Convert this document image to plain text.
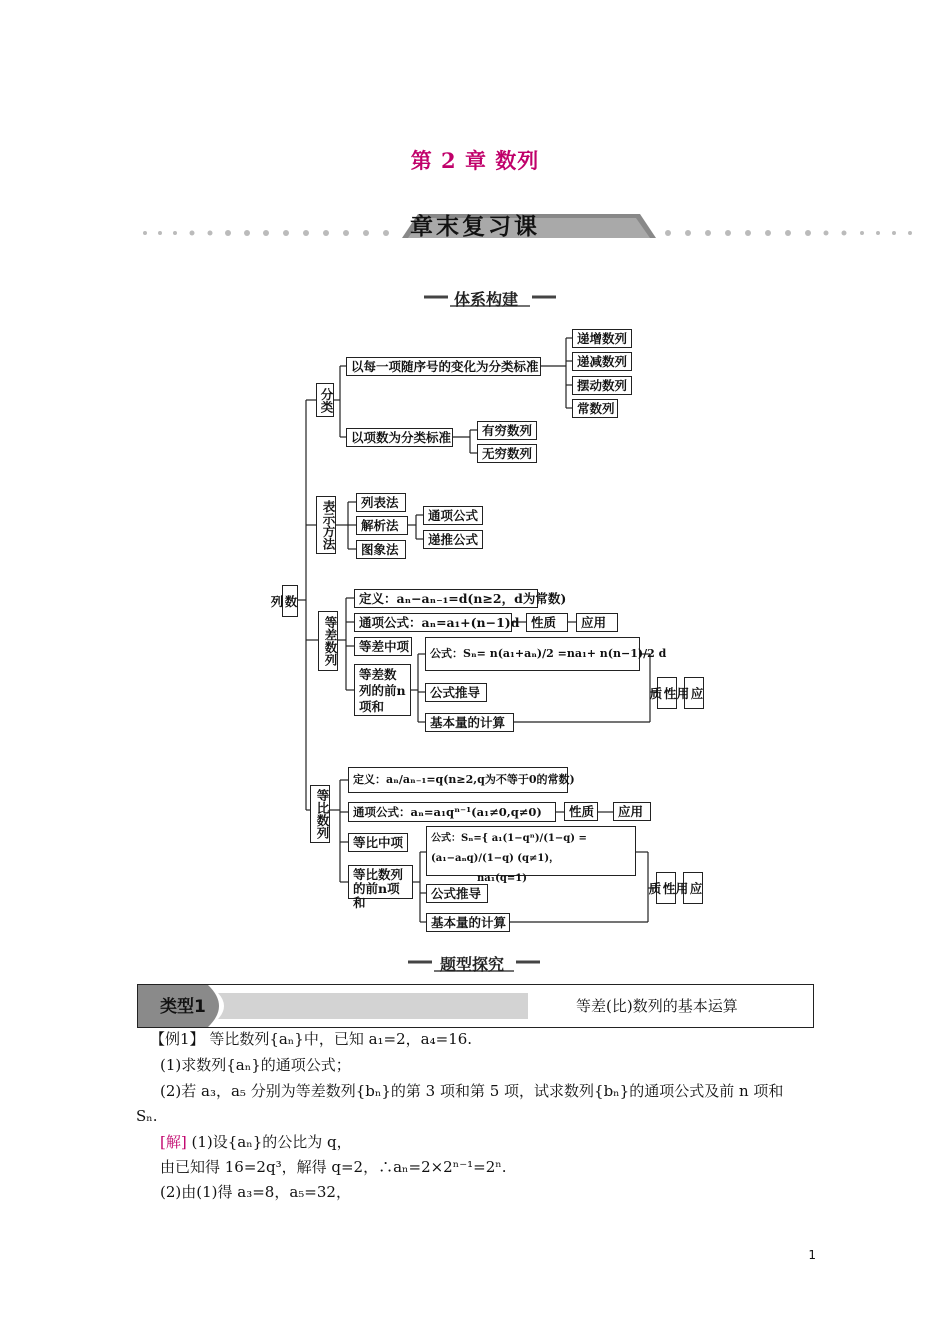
第 2 章 数列
章末复习课
体系构建
数列
分类
以每一项随序号的变化为分类标准
递增数列
递减数列
摆动数列
常数列
以项数为分类标准	有穷数列
无穷数列
表示方法	列表法
解析法
图象法
通项公式
递推公式
等差数列
定义：aₙ−aₙ₋₁=d(n≥2，d为常数)
通项公式：aₙ=a₁+(n−1)d 性质	应用
等差中项
等差数列的前n项和
公式：Sₙ= n(a₁+aₙ)/2 =na₁+ n(n−1)/2 d
公式推导
基本量的计算
性质	应用
等比数列
定义：aₙ/aₙ₋₁=q(n≥2,q为不等于0的常数)
通项公式：aₙ=a₁qⁿ⁻¹(a₁≠0,q≠0)	性质	应用
等比中项
等比数列的前n项和
公式：Sₙ={ a₁(1−qⁿ)/(1−q) = (a₁−aₙq)/(1−q) (q≠1)，
na₁(q=1)
公式推导
基本量的计算
性质	应用
题型探究
类型1	等差(比)数列的基本运算
【例1】 等比数列{aₙ}中，已知 a₁=2，a₄=16.
(1)求数列{aₙ}的通项公式；
(2)若 a₃，a₅ 分别为等差数列{bₙ}的第 3 项和第 5 项，试求数列{bₙ}的通项公式及前 n 项和
Sₙ.
[解] (1)设{aₙ}的公比为 q，
由已知得 16=2q³，解得 q=2，∴aₙ=2×2ⁿ⁻¹=2ⁿ.
(2)由(1)得 a₃=8，a₅=32，
1
